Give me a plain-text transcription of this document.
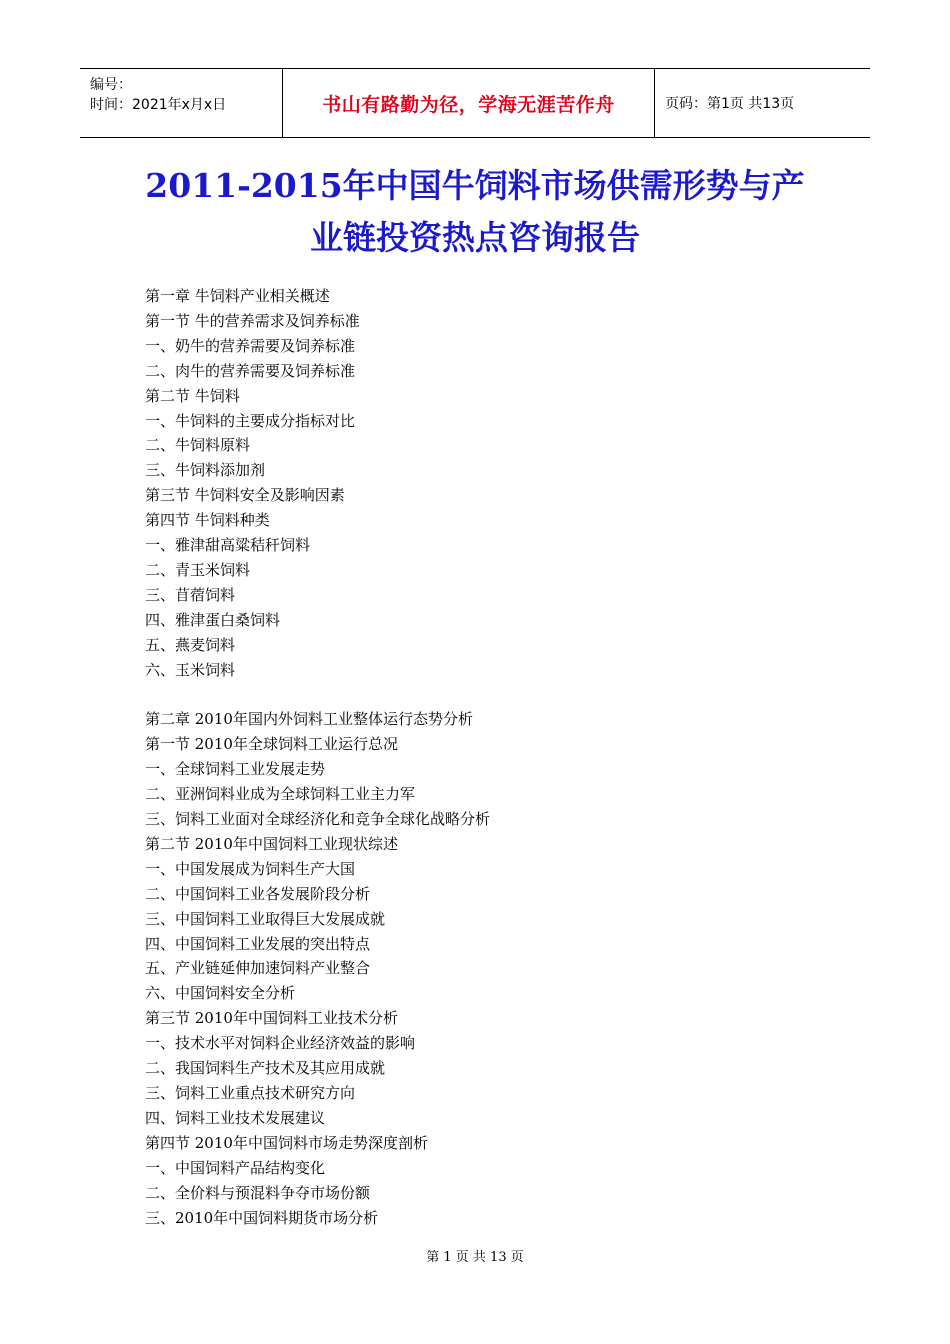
编号：
时间：2021年x月x日	书山有路勤为径，学海无涯苦作舟	页码：第1页 共13页
2011-2015年中国牛饲料市场供需形势与产
业链投资热点咨询报告
第一章 牛饲料产业相关概述
第一节 牛的营养需求及饲养标准
一、奶牛的营养需要及饲养标准
二、肉牛的营养需要及饲养标准
第二节 牛饲料
一、牛饲料的主要成分指标对比
二、牛饲料原料
三、牛饲料添加剂
第三节 牛饲料安全及影响因素
第四节 牛饲料种类
一、雅津甜高粱秸秆饲料
二、青玉米饲料
三、苜蓿饲料
四、雅津蛋白桑饲料
五、燕麦饲料
六、玉米饲料
第二章 2010年国内外饲料工业整体运行态势分析
第一节 2010年全球饲料工业运行总况
一、全球饲料工业发展走势
二、亚洲饲料业成为全球饲料工业主力军
三、饲料工业面对全球经济化和竞争全球化战略分析
第二节 2010年中国饲料工业现状综述
一、中国发展成为饲料生产大国
二、中国饲料工业各发展阶段分析
三、中国饲料工业取得巨大发展成就
四、中国饲料工业发展的突出特点
五、产业链延伸加速饲料产业整合
六、中国饲料安全分析
第三节 2010年中国饲料工业技术分析
一、技术水平对饲料企业经济效益的影响
二、我国饲料生产技术及其应用成就
三、饲料工业重点技术研究方向
四、饲料工业技术发展建议
第四节 2010年中国饲料市场走势深度剖析
一、中国饲料产品结构变化
二、全价料与预混料争夺市场份额
三、2010年中国饲料期货市场分析
第 1 页 共 13 页
